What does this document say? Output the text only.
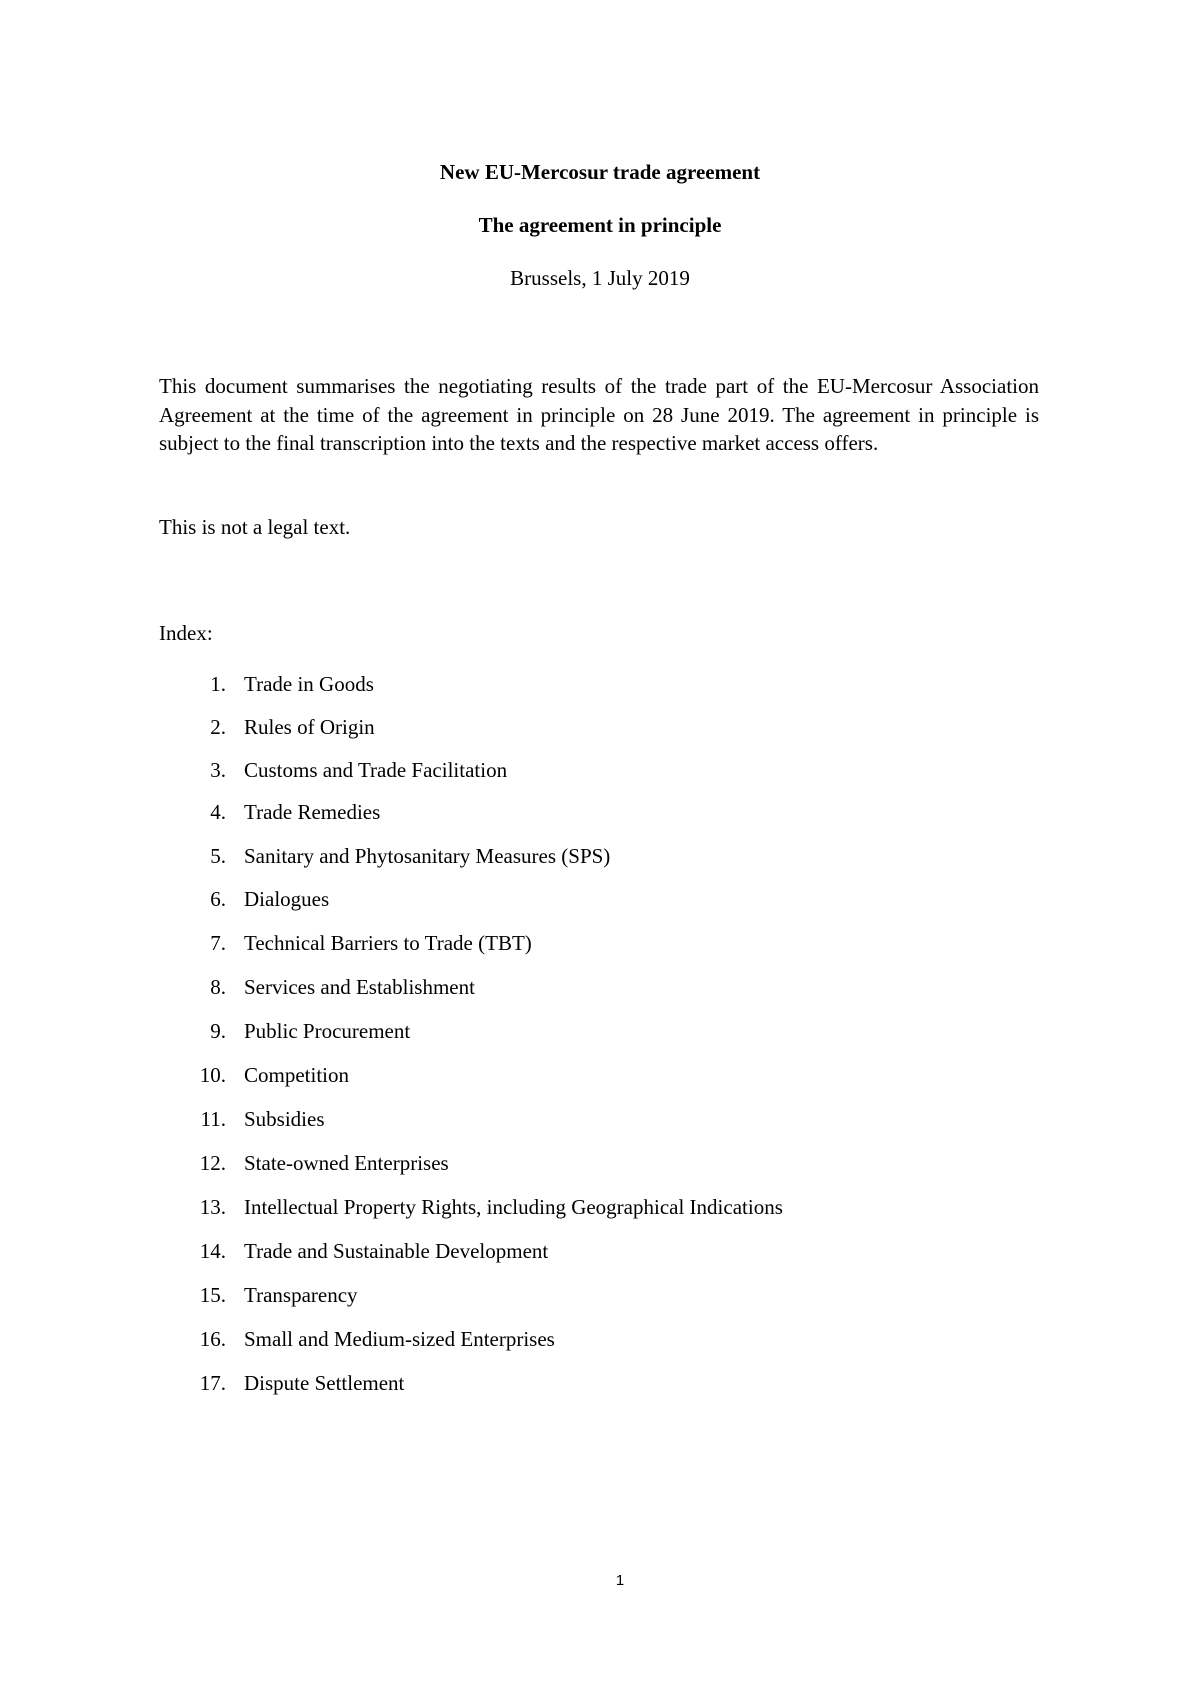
New EU-Mercosur trade agreement

The agreement in principle

Brussels, 1 July 2019

This document summarises the negotiating results of the trade part of the EU-Mercosur Association Agreement at the time of the agreement in principle on 28 June 2019. The agreement in principle is subject to the final transcription into the texts and the respective market access offers.

This is not a legal text.

Index:

1. Trade in Goods
2. Rules of Origin
3. Customs and Trade Facilitation
4. Trade Remedies
5. Sanitary and Phytosanitary Measures (SPS)
6. Dialogues
7. Technical Barriers to Trade (TBT)
8. Services and Establishment
9. Public Procurement
10. Competition
11. Subsidies
12. State-owned Enterprises
13. Intellectual Property Rights, including Geographical Indications
14. Trade and Sustainable Development
15. Transparency
16. Small and Medium-sized Enterprises
17. Dispute Settlement

1
